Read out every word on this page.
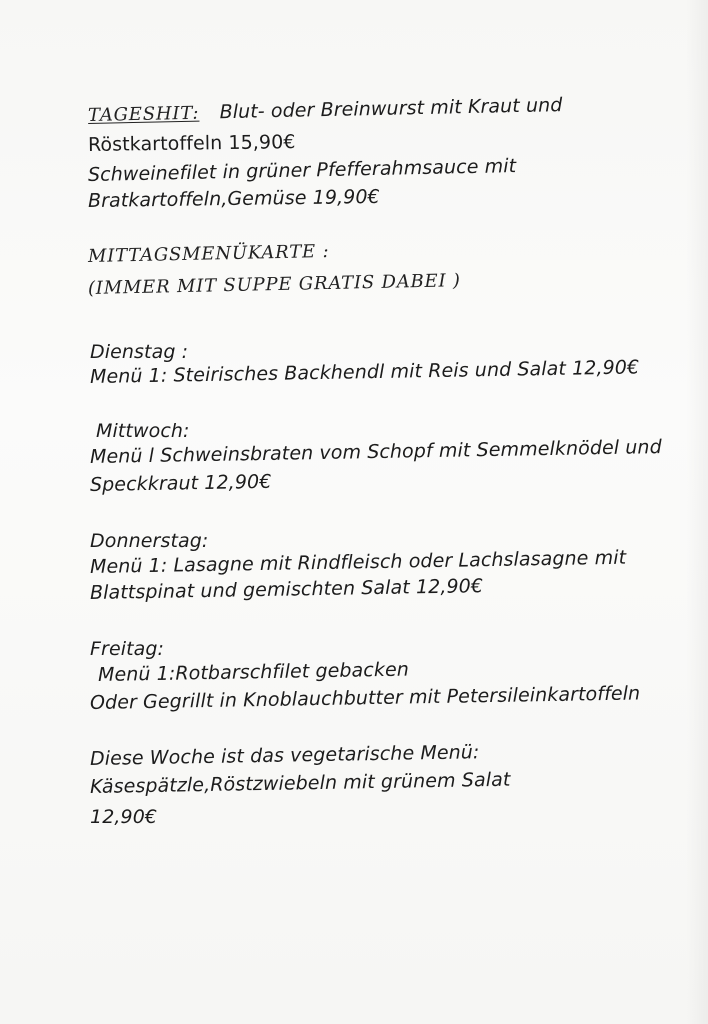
TAGESHIT: Blut- oder Breinwurst mit Kraut und
Röstkartoffeln 15,90€
Schweinefilet in grüner Pfefferahmsauce mit
Bratkartoffeln,Gemüse 19,90€
MITTAGSMENÜKARTE :
(IMMER MIT SUPPE GRATIS DABEI )
Dienstag :
Menü 1: Steirisches Backhendl mit Reis und Salat 12,90€
Mittwoch:
Menü l Schweinsbraten vom Schopf mit Semmelknödel und
Speckkraut 12,90€
Donnerstag:
Menü 1: Lasagne mit Rindfleisch oder Lachslasagne mit
Blattspinat und gemischten Salat 12,90€
Freitag:
Menü 1:Rotbarschfilet gebacken
Oder Gegrillt in Knoblauchbutter mit Petersileinkartoffeln
Diese Woche ist das vegetarische Menü:
Käsespätzle,Röstzwiebeln mit grünem Salat
12,90€
